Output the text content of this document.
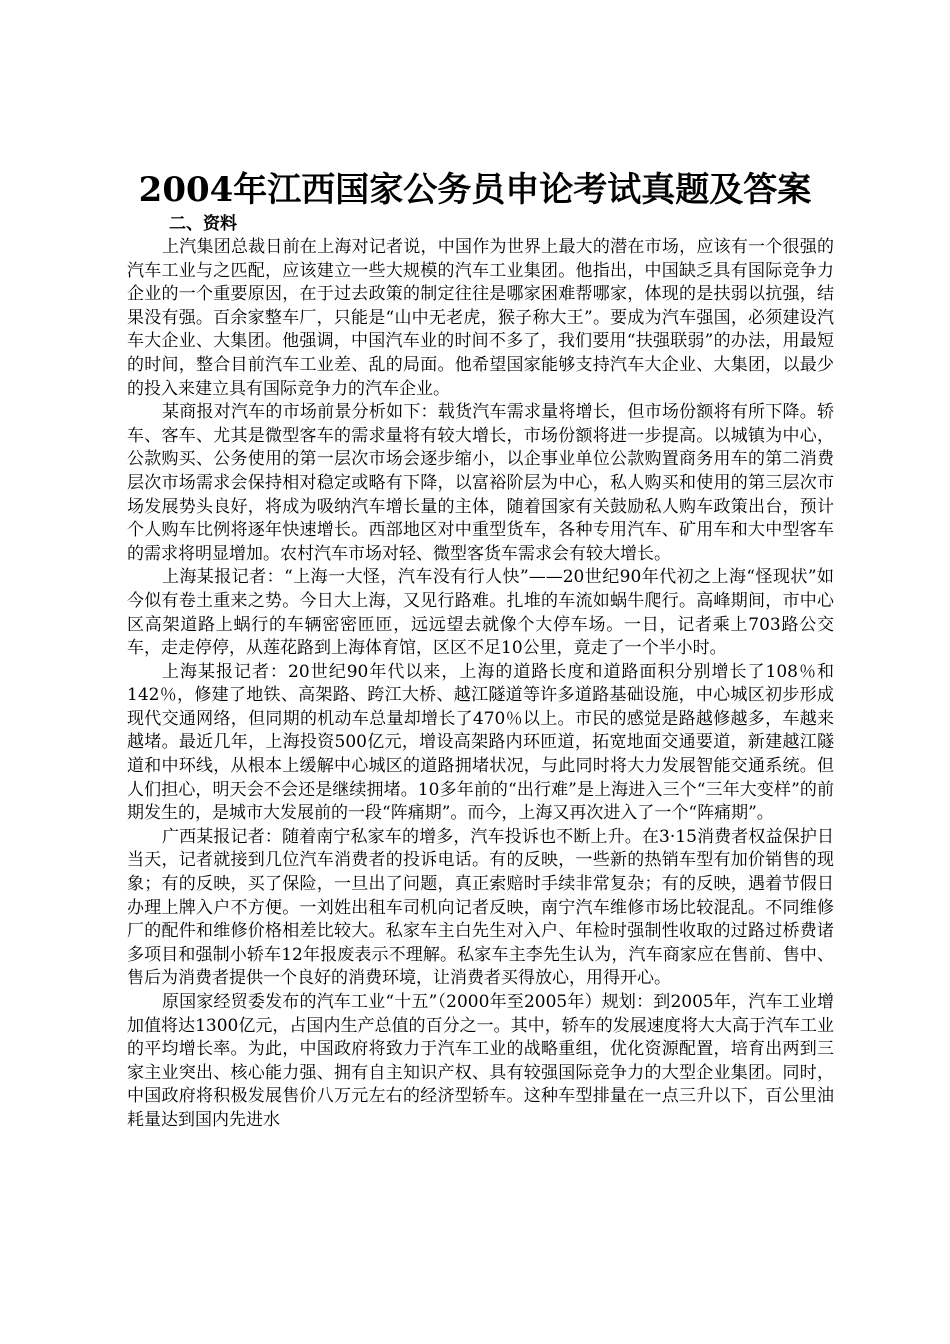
2004年江西国家公务员申论考试真题及答案
二、资料

上汽集团总裁日前在上海对记者说，中国作为世界上最大的潜在市场，应该有一个很强的汽车工业与之匹配，应该建立一些大规模的汽车工业集团。他指出，中国缺乏具有国际竞争力企业的一个重要原因，在于过去政策的制定往往是哪家困难帮哪家，体现的是扶弱以抗强，结果没有强。百余家整车厂，只能是“山中无老虎，猴子称大王”。要成为汽车强国，必须建设汽车大企业、大集团。他强调，中国汽车业的时间不多了，我们要用“扶强联弱”的办法，用最短的时间，整合目前汽车工业差、乱的局面。他希望国家能够支持汽车大企业、大集团，以最少的投入来建立具有国际竞争力的汽车企业。

某商报对汽车的市场前景分析如下：载货汽车需求量将增长，但市场份额将有所下降。轿车、客车、尤其是微型客车的需求量将有较大增长，市场份额将进一步提高。以城镇为中心，公款购买、公务使用的第一层次市场会逐步缩小，以企事业单位公款购置商务用车的第二消费层次市场需求会保持相对稳定或略有下降，以富裕阶层为中心，私人购买和使用的第三层次市场发展势头良好，将成为吸纳汽车增长量的主体，随着国家有关鼓励私人购车政策出台，预计个人购车比例将逐年快速增长。西部地区对中重型货车，各种专用汽车、矿用车和大中型客车的需求将明显增加。农村汽车市场对轻、微型客货车需求会有较大增长。

上海某报记者：“上海一大怪，汽车没有行人快”——20世纪90年代初之上海“怪现状”如今似有卷土重来之势。今日大上海，又见行路难。扎堆的车流如蜗牛爬行。高峰期间，市中心区高架道路上蜗行的车辆密密匝匝，远远望去就像个大停车场。一日，记者乘上703路公交车，走走停停，从莲花路到上海体育馆，区区不足10公里，竟走了一个半小时。

上海某报记者：20世纪90年代以来，上海的道路长度和道路面积分别增长了108％和142％，修建了地铁、高架路、跨江大桥、越江隧道等许多道路基础设施，中心城区初步形成现代交通网络，但同期的机动车总量却增长了470％以上。市民的感觉是路越修越多，车越来越堵。最近几年，上海投资500亿元，增设高架路内环匝道，拓宽地面交通要道，新建越江隧道和中环线，从根本上缓解中心城区的道路拥堵状况，与此同时将大力发展智能交通系统。但人们担心，明天会不会还是继续拥堵。10多年前的“出行难”是上海进入三个“三年大变样”的前期发生的，是城市大发展前的一段“阵痛期”。而今，上海又再次进入了一个“阵痛期”。

广西某报记者：随着南宁私家车的增多，汽车投诉也不断上升。在3·15消费者权益保护日当天，记者就接到几位汽车消费者的投诉电话。有的反映，一些新的热销车型有加价销售的现象；有的反映，买了保险，一旦出了问题，真正索赔时手续非常复杂；有的反映，遇着节假日办理上牌入户不方便。一刘姓出租车司机向记者反映，南宁汽车维修市场比较混乱。不同维修厂的配件和维修价格相差比较大。私家车主白先生对入户、年检时强制性收取的过路过桥费诸多项目和强制小轿车12年报废表示不理解。私家车主李先生认为，汽车商家应在售前、售中、售后为消费者提供一个良好的消费环境，让消费者买得放心，用得开心。

原国家经贸委发布的汽车工业“十五”（2000年至2005年）规划：到2005年，汽车工业增加值将达1300亿元，占国内生产总值的百分之一。其中，轿车的发展速度将大大高于汽车工业的平均增长率。为此，中国政府将致力于汽车工业的战略重组，优化资源配置，培育出两到三家主业突出、核心能力强、拥有自主知识产权、具有较强国际竞争力的大型企业集团。同时，中国政府将积极发展售价八万元左右的经济型轿车。这种车型排量在一点三升以下，百公里油耗量达到国内先进水
